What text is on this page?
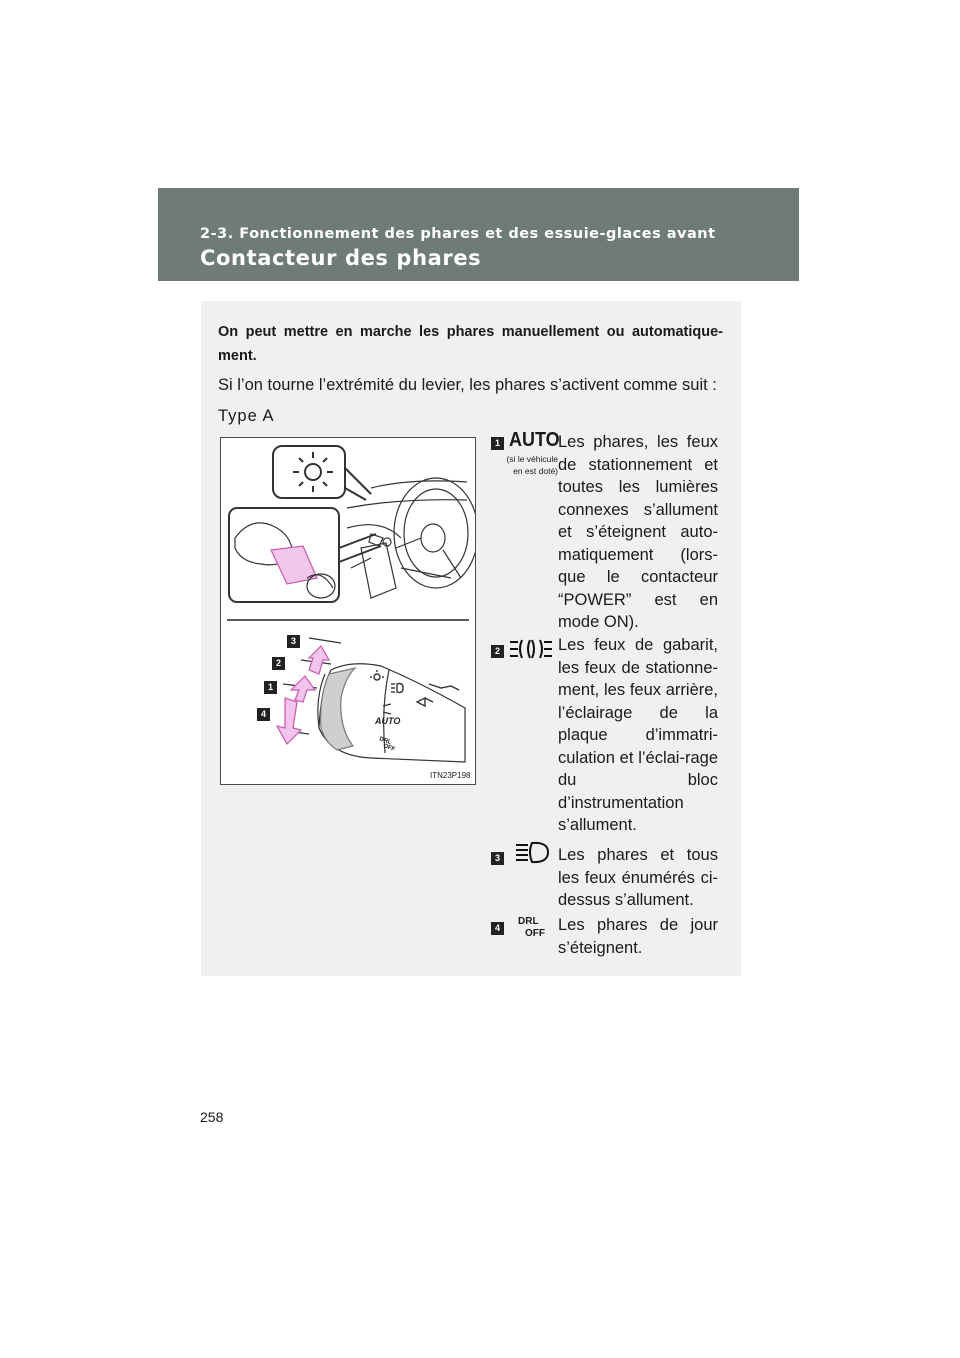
2-3. Fonctionnement des phares et des essuie-glaces avant
Contacteur des phares
On peut mettre en marche les phares manuellement ou automatique-ment.
Si l’on tourne l’extrémité du levier, les phares s’activent comme suit :
Type A
AUTO
DRL
OFF
ITN23P198
3
2
1
4
1 AUTO
(si le véhicule en est doté)
Les phares, les feux de stationnement et toutes les lumières connexes s’allument et s’éteignent auto-matiquement (lors-que le contacteur “POWER” est en mode ON).
2	Les feux de gabarit, les feux de stationne-ment, les feux arrière, l’éclairage de la plaque d’immatri-culation et l’éclai-rage du bloc d’instrumentation s’allument.
3	Les phares et tous les feux énumérés ci-dessus s’allument.
4
DRL
OFF Les phares de jour s’éteignent.
258
